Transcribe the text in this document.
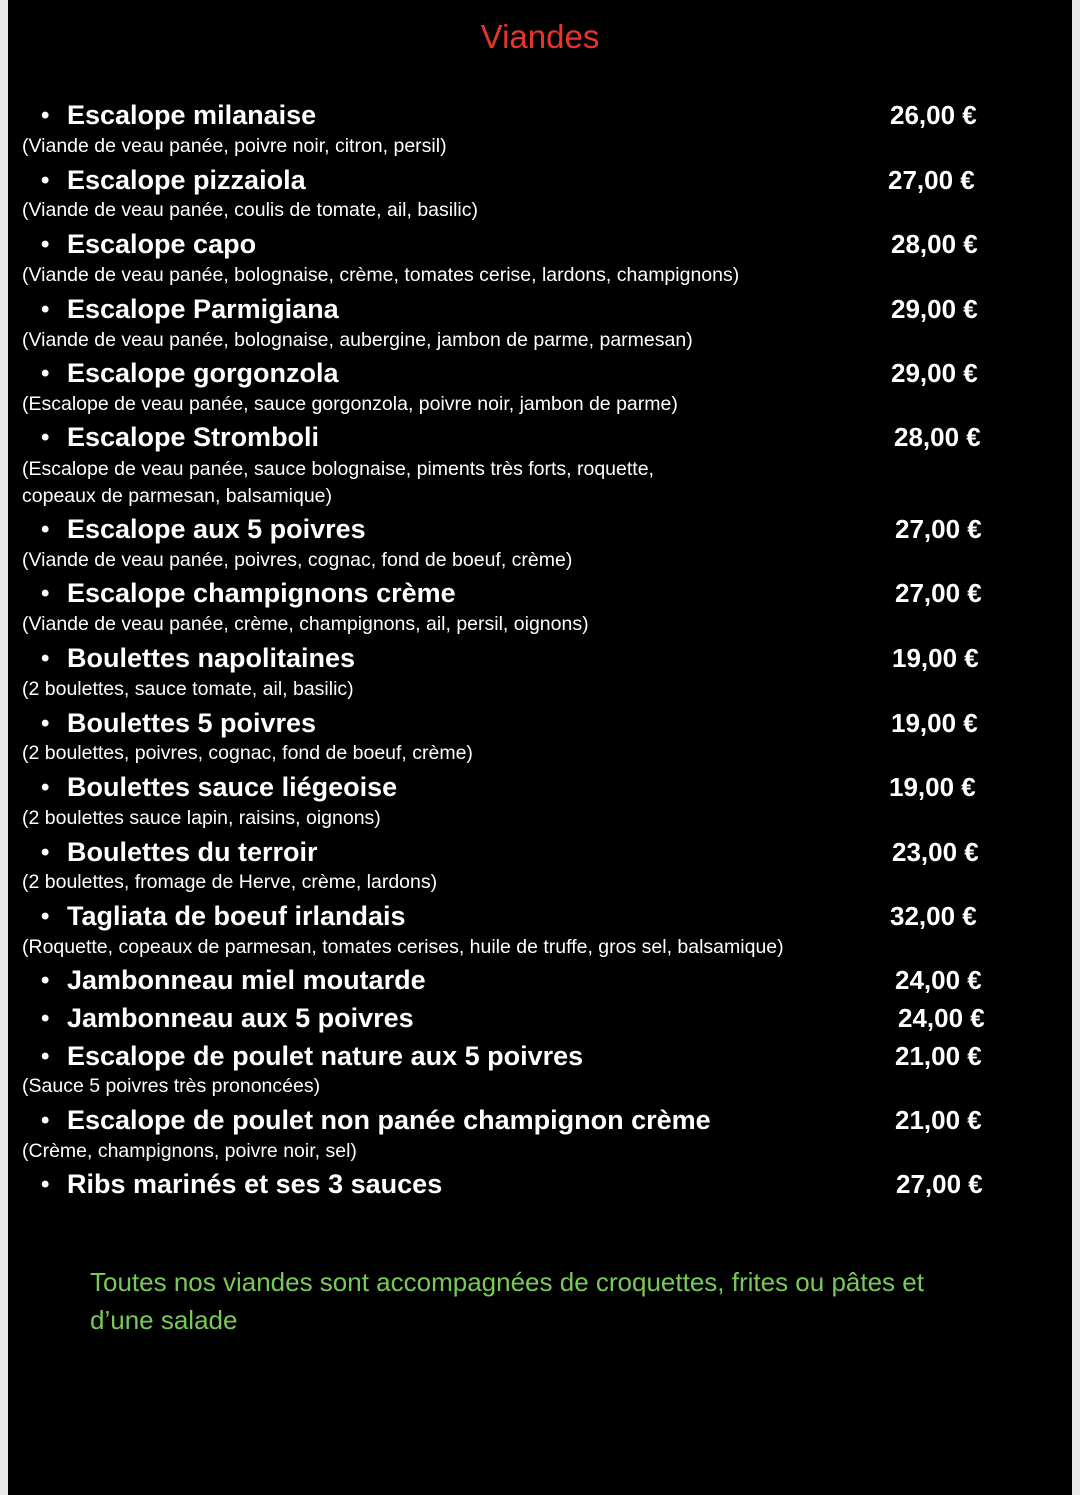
Viandes
• Escalope milanaise	26,00 €
(Viande de veau panée, poivre noir, citron, persil)
• Escalope pizzaiola	27,00 €
(Viande de veau panée, coulis de tomate, ail, basilic)
• Escalope capo	28,00 €
(Viande de veau panée, bolognaise, crème, tomates cerise, lardons, champignons)
• Escalope Parmigiana	29,00 €
(Viande de veau panée, bolognaise, aubergine, jambon de parme, parmesan)
• Escalope gorgonzola	29,00 €
(Escalope de veau panée, sauce gorgonzola, poivre noir, jambon de parme)
• Escalope Stromboli	28,00 €
(Escalope de veau panée, sauce bolognaise, piments très forts, roquette, copeaux de parmesan, balsamique)
• Escalope aux 5 poivres	27,00 €
(Viande de veau panée, poivres, cognac, fond de boeuf, crème)
• Escalope champignons crème	27,00 €
(Viande de veau panée, crème, champignons, ail, persil, oignons)
• Boulettes napolitaines	19,00 €
(2 boulettes, sauce tomate, ail, basilic)
• Boulettes 5 poivres	19,00 €
(2 boulettes, poivres, cognac, fond de boeuf, crème)
• Boulettes sauce liégeoise	19,00 €
(2 boulettes sauce lapin, raisins, oignons)
• Boulettes du terroir	23,00 €
(2 boulettes, fromage de Herve, crème, lardons)
• Tagliata de boeuf irlandais	32,00 €
(Roquette, copeaux de parmesan, tomates cerises, huile de truffe, gros sel, balsamique)
• Jambonneau miel moutarde	24,00 €
• Jambonneau aux 5 poivres	24,00 €
• Escalope de poulet nature aux 5 poivres	21,00 €
(Sauce 5 poivres très prononcées)
• Escalope de poulet non panée champignon crème	21,00 €
(Crème, champignons, poivre noir, sel)
• Ribs marinés et ses 3 sauces	27,00 €
Toutes nos viandes sont accompagnées de croquettes, frites ou pâtes et d’une salade
